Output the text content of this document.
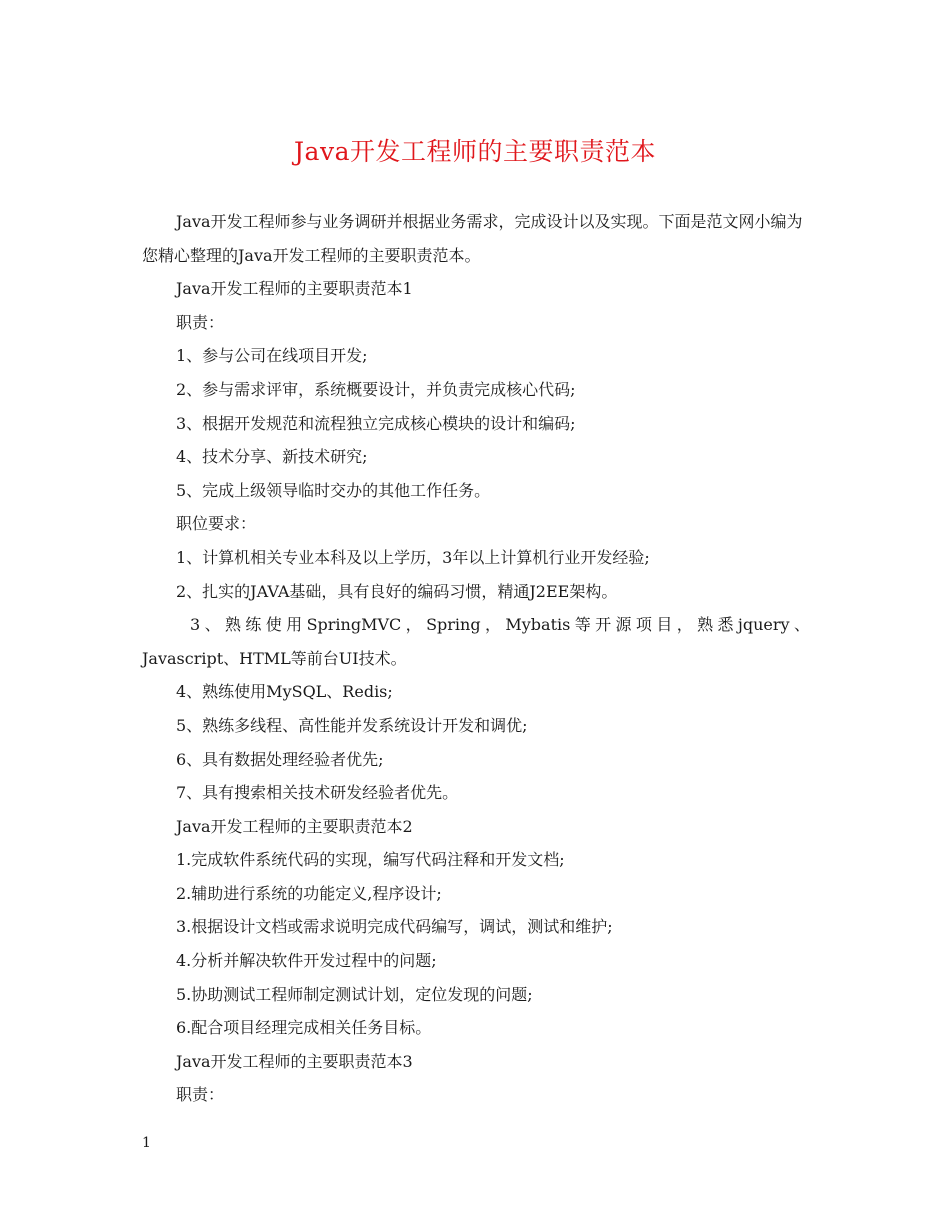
Java开发工程师的主要职责范本

Java开发工程师参与业务调研并根据业务需求，完成设计以及实现。下面是范文网小编为您精心整理的Java开发工程师的主要职责范本。

Java开发工程师的主要职责范本1

职责：

1、参与公司在线项目开发;

2、参与需求评审，系统概要设计，并负责完成核心代码;

3、根据开发规范和流程独立完成核心模块的设计和编码;

4、技术分享、新技术研究;

5、完成上级领导临时交办的其他工作任务。

职位要求：

1、计算机相关专业本科及以上学历，3年以上计算机行业开发经验;

2、扎实的JAVA基础，具有良好的编码习惯，精通J2EE架构。

3、熟练使用SpringMVC，Spring，Mybatis等开源项目，熟悉jquery、Javascript、HTML等前台UI技术。

4、熟练使用MySQL、Redis;

5、熟练多线程、高性能并发系统设计开发和调优;

6、具有数据处理经验者优先;

7、具有搜索相关技术研发经验者优先。

Java开发工程师的主要职责范本2

1.完成软件系统代码的实现，编写代码注释和开发文档;

2.辅助进行系统的功能定义,程序设计;

3.根据设计文档或需求说明完成代码编写，调试，测试和维护;

4.分析并解决软件开发过程中的问题;

5.协助测试工程师制定测试计划，定位发现的问题;

6.配合项目经理完成相关任务目标。

Java开发工程师的主要职责范本3

职责：

1
